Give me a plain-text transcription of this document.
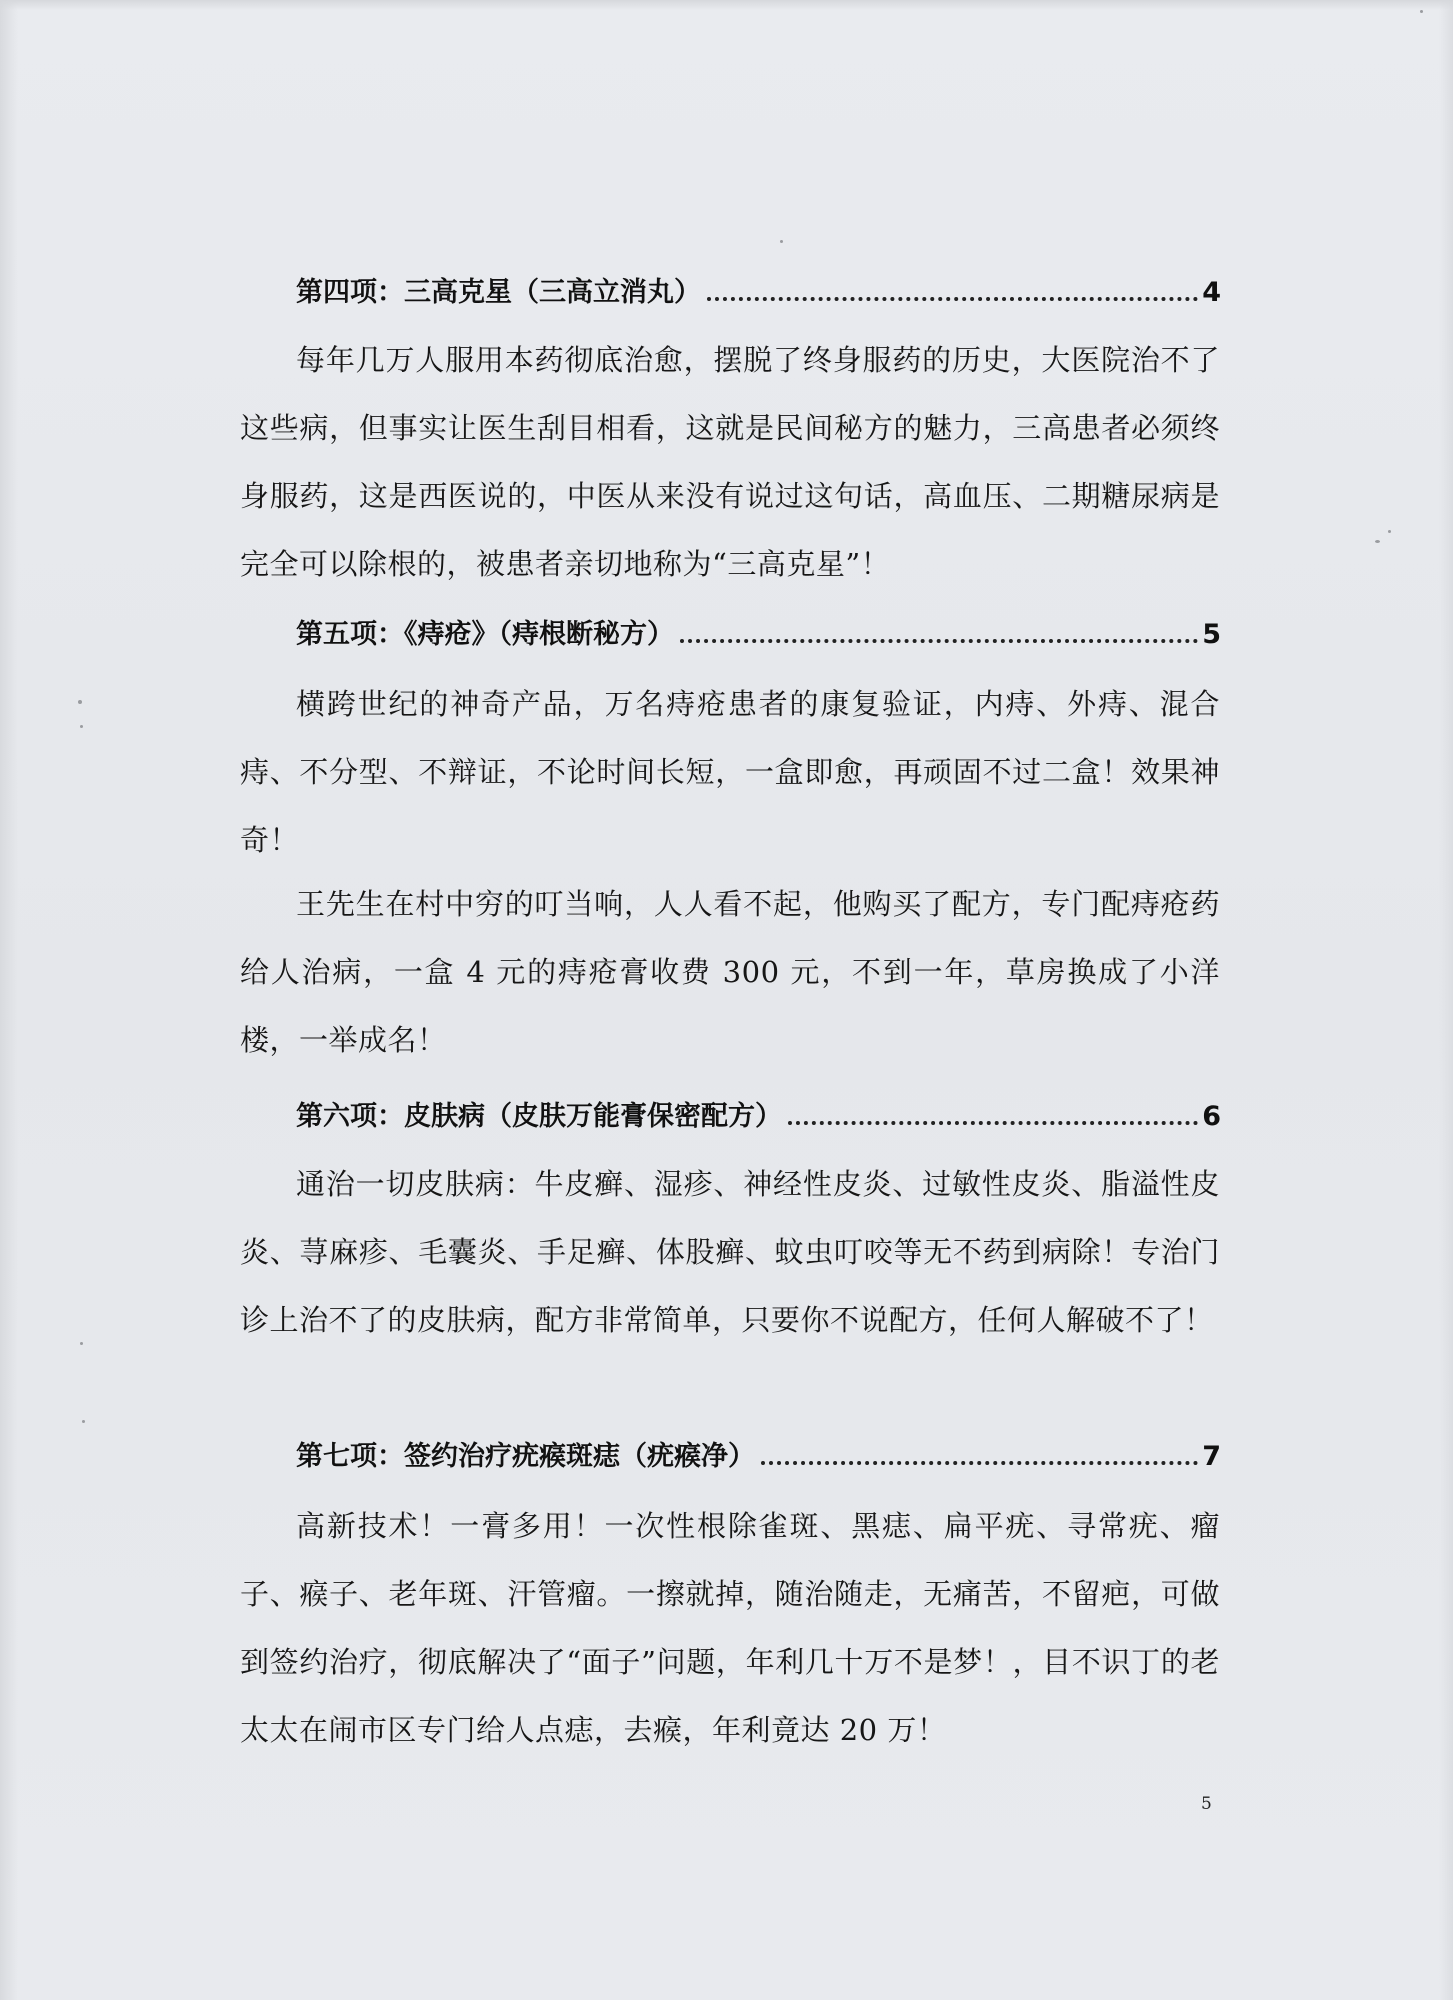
第四项：三高克星（三高立消丸）	4
每年几万人服用本药彻底治愈，摆脱了终身服药的历史，大医院治不了这些病，但事实让医生刮目相看，这就是民间秘方的魅力，三高患者必须终身服药，这是西医说的，中医从来没有说过这句话，高血压、二期糖尿病是完全可以除根的，被患者亲切地称为“三高克星”！
第五项：《痔疮》（痔根断秘方）	5
横跨世纪的神奇产品，万名痔疮患者的康复验证，内痔、外痔、混合痔、不分型、不辩证，不论时间长短，一盒即愈，再顽固不过二盒！效果神奇！
王先生在村中穷的叮当响，人人看不起，他购买了配方，专门配痔疮药给人治病，一盒 4 元的痔疮膏收费 300 元，不到一年，草房换成了小洋楼，一举成名！
第六项：皮肤病（皮肤万能膏保密配方）	6
通治一切皮肤病：牛皮癣、湿疹、神经性皮炎、过敏性皮炎、脂溢性皮炎、荨麻疹、毛囊炎、手足癣、体股癣、蚊虫叮咬等无不药到病除！专治门诊上治不了的皮肤病，配方非常简单，只要你不说配方，任何人解破不了！
第七项：签约治疗疣瘊斑痣（疣瘊净）	7
高新技术！一膏多用！一次性根除雀斑、黑痣、扁平疣、寻常疣、瘤子、瘊子、老年斑、汗管瘤。一擦就掉，随治随走，无痛苦，不留疤，可做到签约治疗，彻底解决了“面子”问题，年利几十万不是梦！，目不识丁的老太太在闹市区专门给人点痣，去瘊，年利竟达 20 万！
5
